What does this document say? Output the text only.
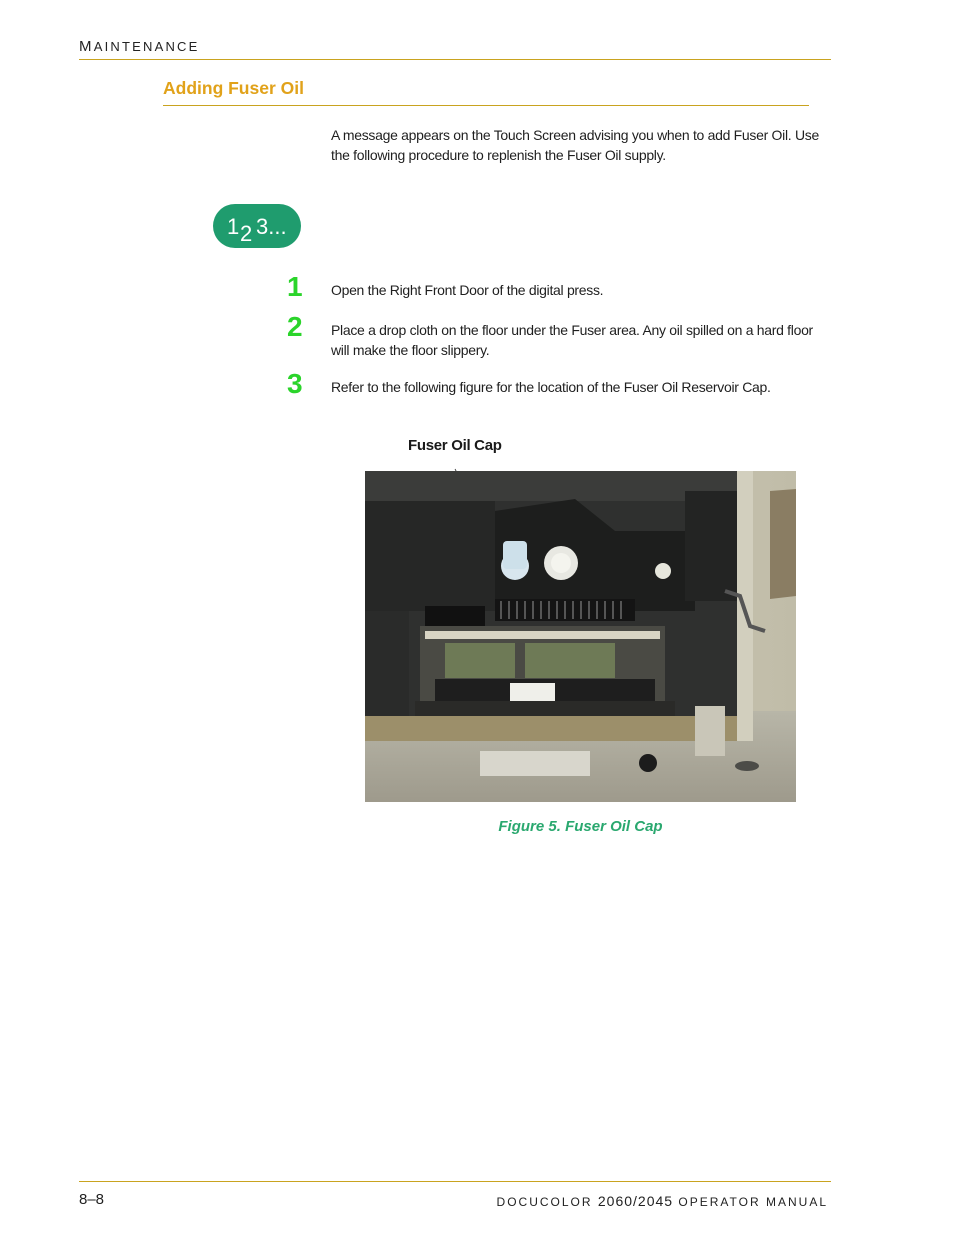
MAINTENANCE
Adding Fuser Oil
A message appears on the Touch Screen advising you when to add Fuser Oil. Use the following procedure to replenish the Fuser Oil supply.
1 2 3...
1 Open the Right Front Door of the digital press.
2 Place a drop cloth on the floor under the Fuser area. Any oil spilled on a hard floor will make the floor slippery.
3 Refer to the following figure for the location of the Fuser Oil Reservoir Cap.
Fuser Oil Cap
Figure 5. Fuser Oil Cap
8–8	DOCUCOLOR 2060/2045 OPERATOR MANUAL
